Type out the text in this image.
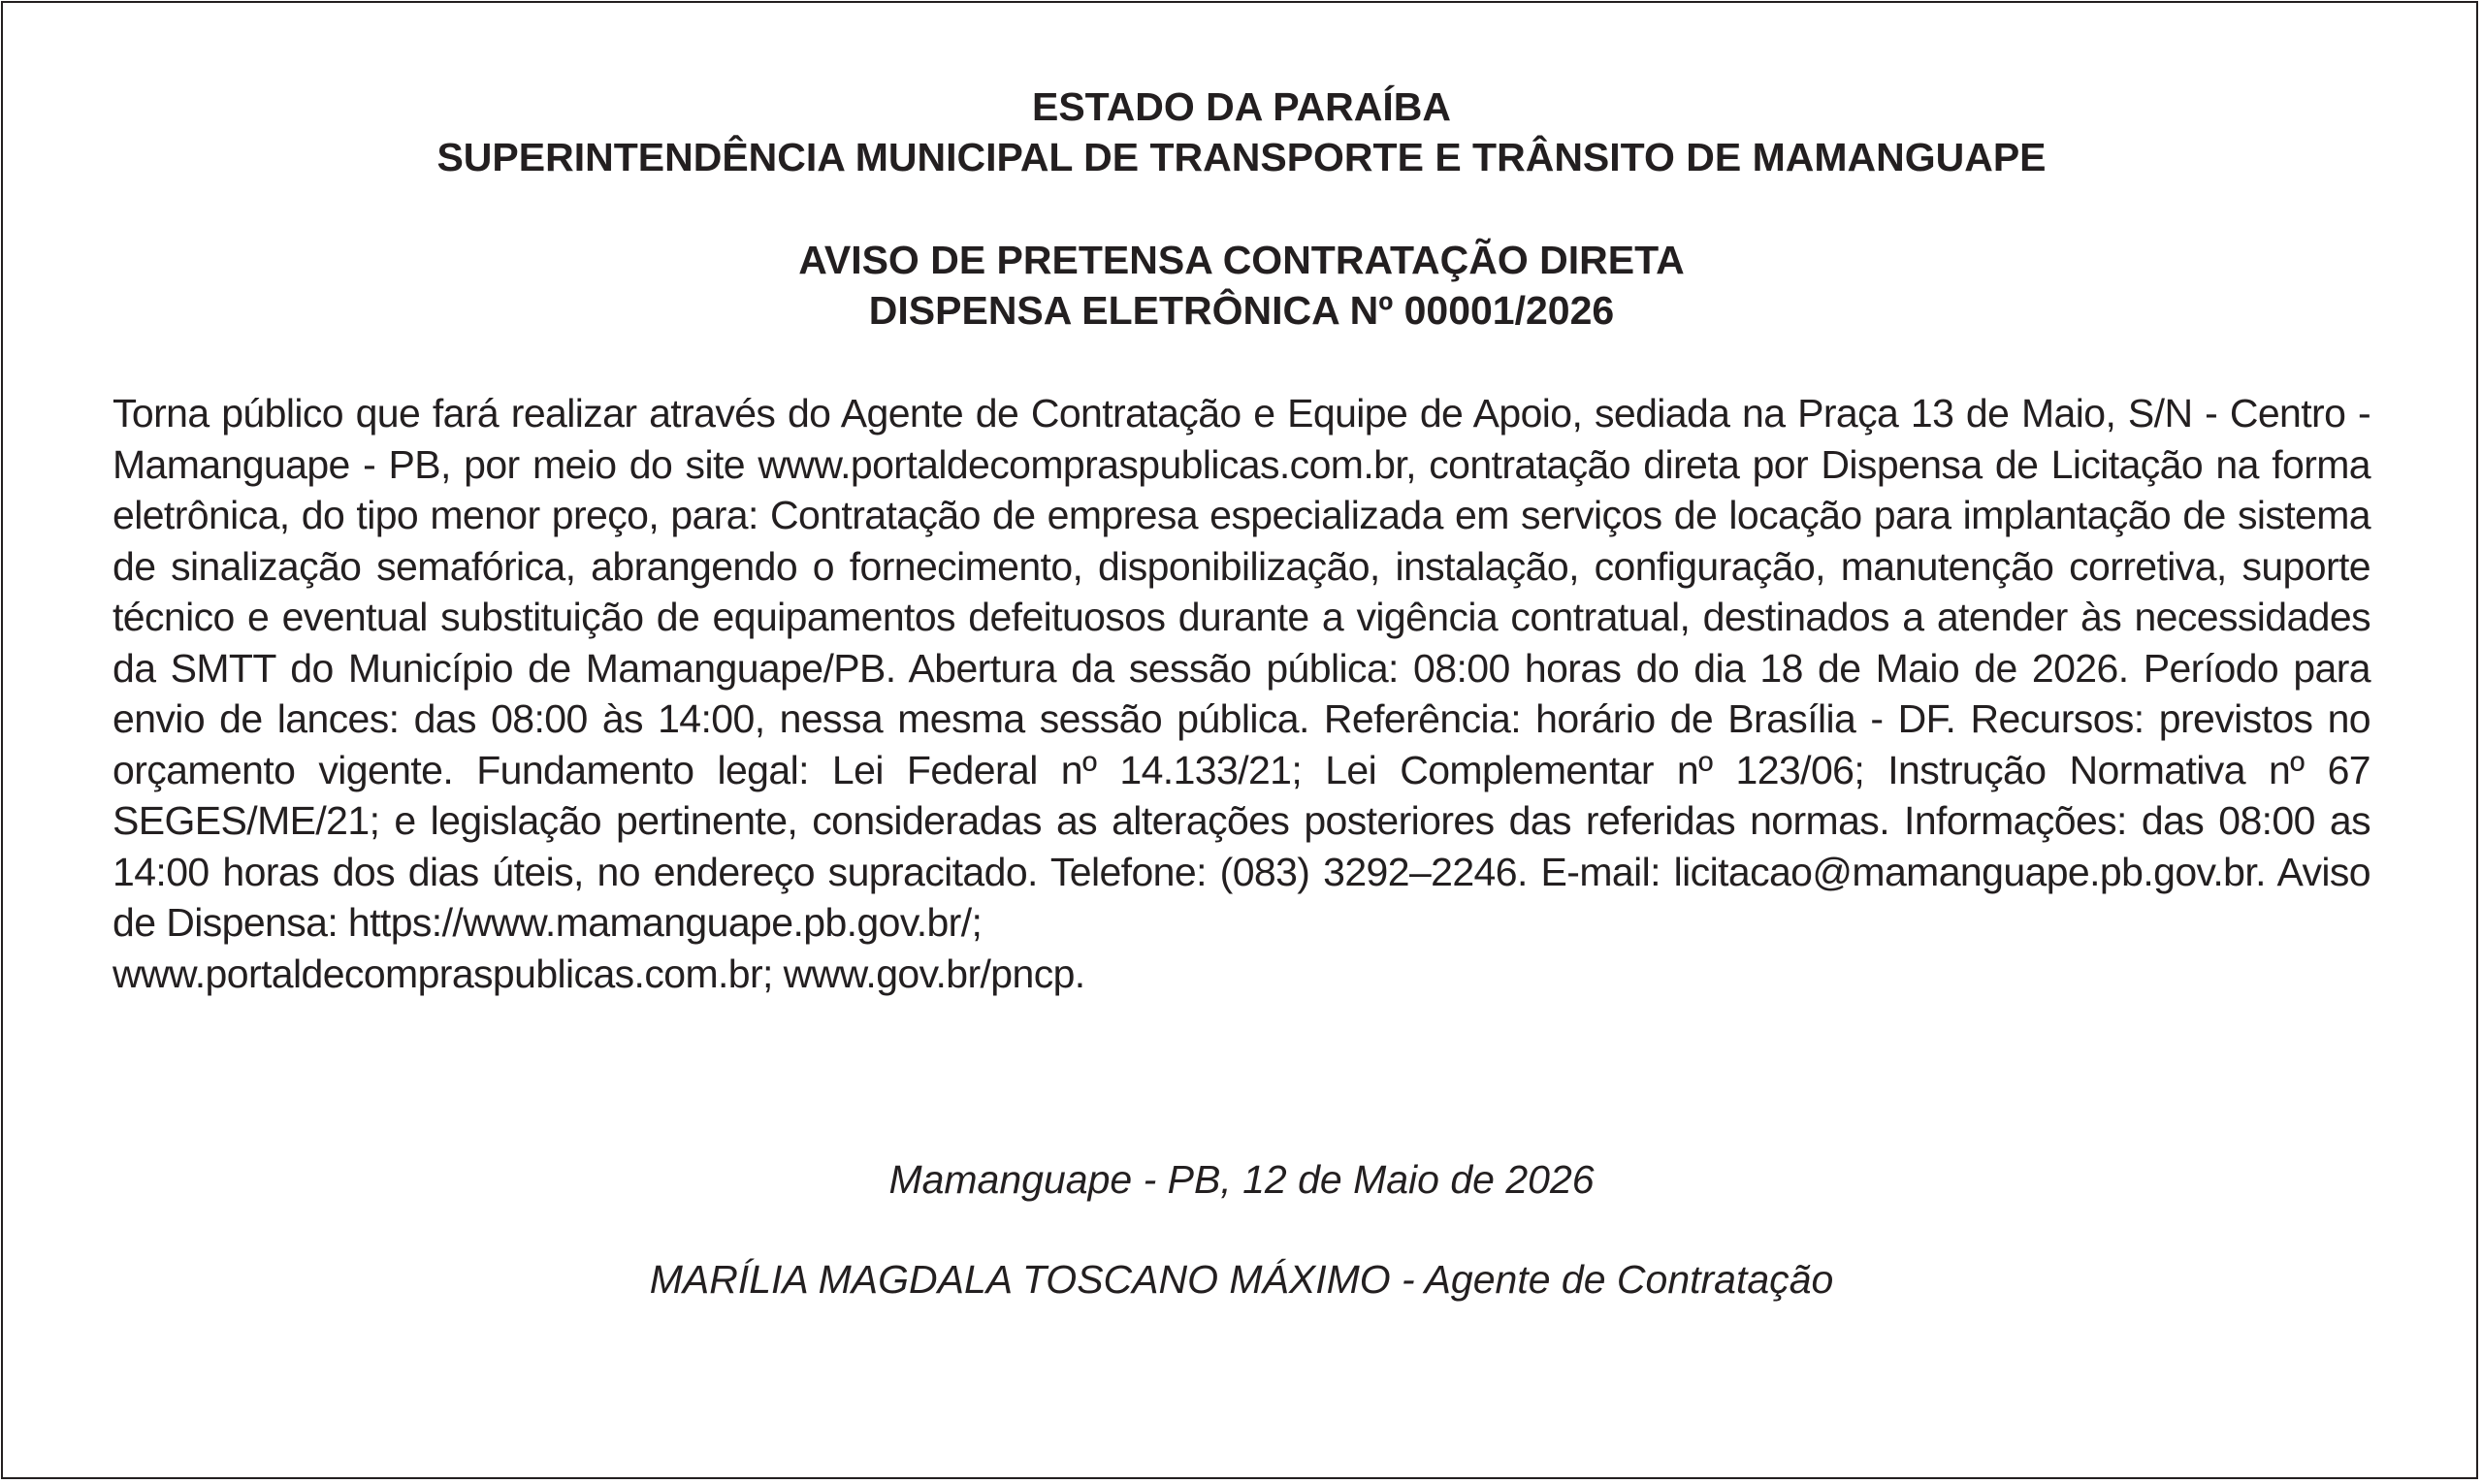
ESTADO DA PARAÍBA
SUPERINTENDÊNCIA MUNICIPAL DE TRANSPORTE E TRÂNSITO DE MAMANGUAPE
AVISO DE PRETENSA CONTRATAÇÃO DIRETA
DISPENSA ELETRÔNICA Nº 00001/2026
Torna público que fará realizar através do Agente de Contratação e Equipe de Apoio, sediada na Praça 13 de Maio, S/N - Centro - Mamanguape - PB, por meio do site www.portaldecompraspublicas.com.br, contratação direta por Dispensa de Licitação na forma eletrônica, do tipo menor preço, para: Contratação de empresa especializada em serviços de locação para implantação de sistema de sinalização semafórica, abrangendo o fornecimento, disponibilização, instalação, configuração, manutenção corretiva, suporte técnico e eventual substituição de equipamentos defeituosos durante a vigência contratual, destinados a atender às necessidades da SMTT do Município de Mamanguape/PB. Abertura da sessão pública: 08:00 horas do dia 18 de Maio de 2026. Período para envio de lances: das 08:00 às 14:00, nessa mesma sessão pública. Referência: horário de Brasília - DF. Recursos: previstos no orçamento vigente. Fundamento legal: Lei Federal nº 14.133/21; Lei Complementar nº 123/06; Instrução Normativa nº 67 SEGES/ME/21; e legislação pertinente, consideradas as alterações posteriores das referidas normas. Informações: das 08:00 as 14:00 horas dos dias úteis, no endereço supracitado. Telefone: (083) 3292–2246. E-mail: licitacao@mamanguape.pb.gov.br. Aviso de Dispensa: https://www.mamanguape.pb.gov.br/;
www.portaldecompraspublicas.com.br; www.gov.br/pncp.
Mamanguape - PB, 12 de Maio de 2026
MARÍLIA MAGDALA TOSCANO MÁXIMO - Agente de Contratação
